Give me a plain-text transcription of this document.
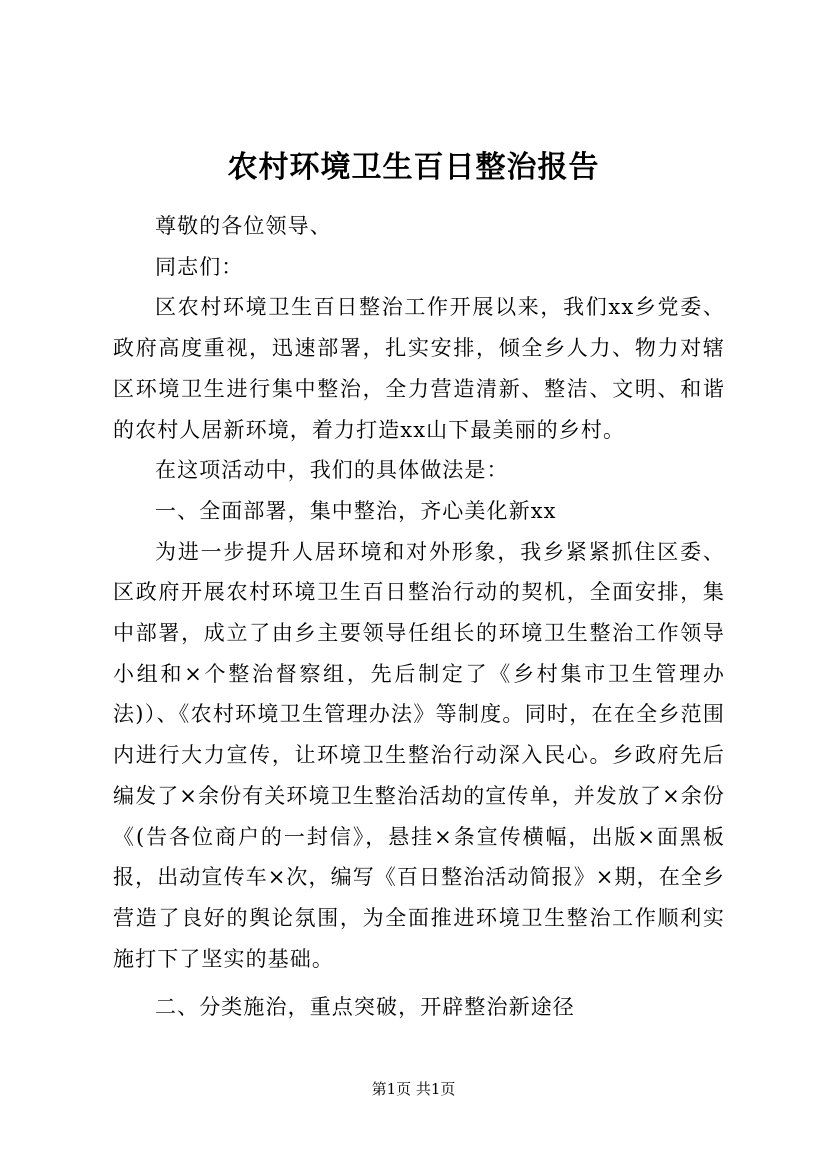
农村环境卫生百日整治报告

尊敬的各位领导、

同志们：

区农村环境卫生百日整治工作开展以来，我们xx乡党委、政府高度重视，迅速部署，扎实安排，倾全乡人力、物力对辖区环境卫生进行集中整治，全力营造清新、整洁、文明、和谐的农村人居新环境，着力打造xx山下最美丽的乡村。

在这项活动中，我们的具体做法是：

一、全面部署，集中整治，齐心美化新xx

为进一步提升人居环境和对外形象，我乡紧紧抓住区委、区政府开展农村环境卫生百日整治行动的契机，全面安排，集中部署，成立了由乡主要领导任组长的环境卫生整治工作领导小组和×个整治督察组，先后制定了《乡村集市卫生管理办法)）、《农村环境卫生管理办法》等制度。同时，在在全乡范围内进行大力宣传，让环境卫生整治行动深入民心。乡政府先后编发了×余份有关环境卫生整治活劫的宣传单，并发放了×余份《(告各位商户的一封信》，悬挂×条宣传横幅，出版×面黑板报，出动宣传车×次，编写《百日整治活动简报》×期，在全乡营造了良好的舆论氛围，为全面推进环境卫生整治工作顺利实施打下了坚实的基础。

二、分类施治，重点突破，开辟整治新途径

第1页 共1页
